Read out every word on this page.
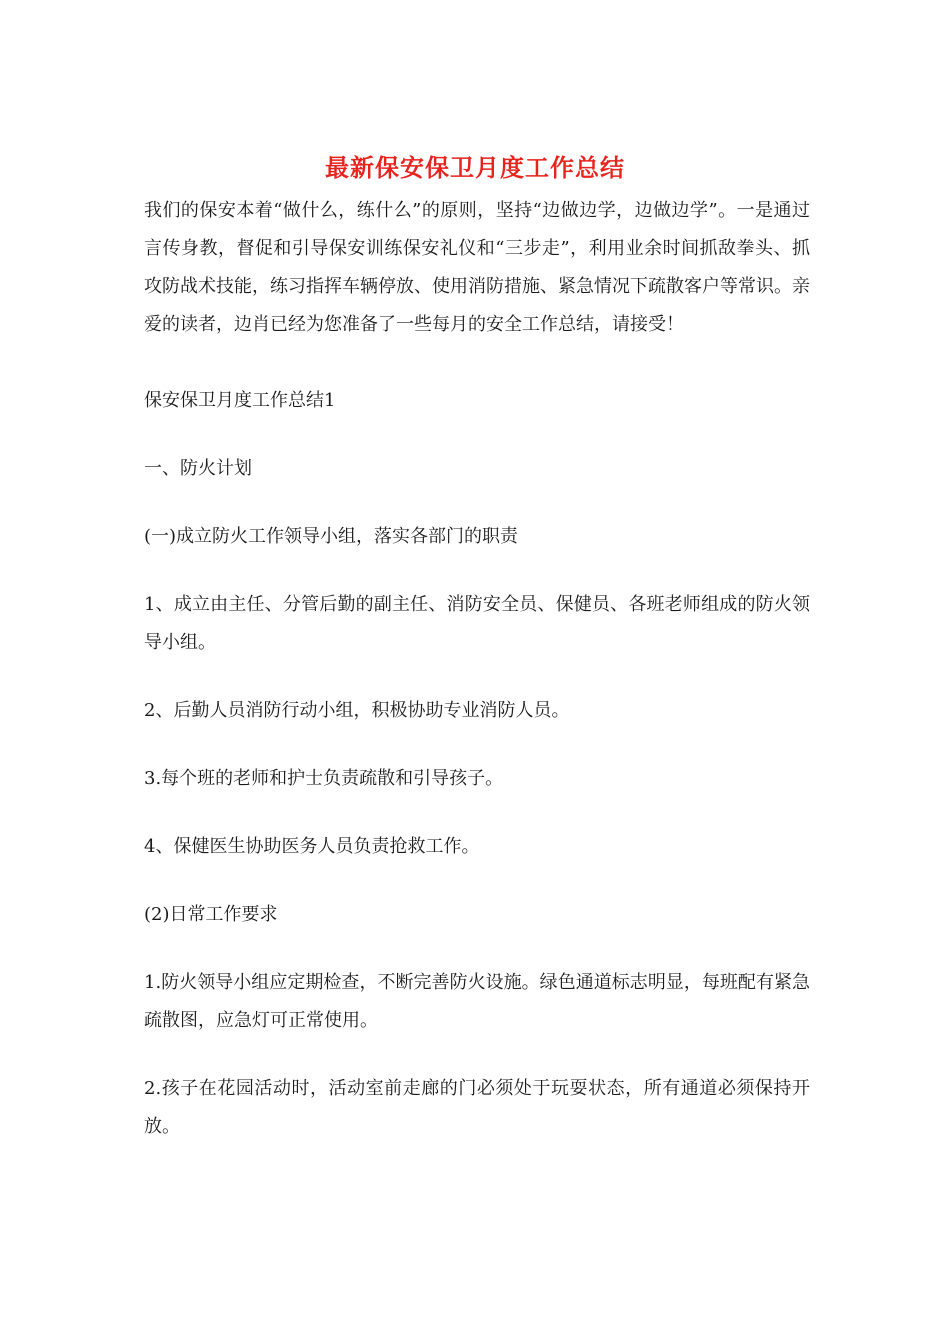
最新保安保卫月度工作总结

我们的保安本着“做什么，练什么”的原则，坚持“边做边学，边做边学”。一是通过言传身教，督促和引导保安训练保安礼仪和“三步走”，利用业余时间抓敌拳头、抓攻防战术技能，练习指挥车辆停放、使用消防措施、紧急情况下疏散客户等常识。亲爱的读者，边肖已经为您准备了一些每月的安全工作总结，请接受！

保安保卫月度工作总结1

一、防火计划

(一)成立防火工作领导小组，落实各部门的职责

1、成立由主任、分管后勤的副主任、消防安全员、保健员、各班老师组成的防火领导小组。

2、后勤人员消防行动小组，积极协助专业消防人员。

3.每个班的老师和护士负责疏散和引导孩子。

4、保健医生协助医务人员负责抢救工作。

(2)日常工作要求

1.防火领导小组应定期检查，不断完善防火设施。绿色通道标志明显，每班配有紧急疏散图，应急灯可正常使用。

2.孩子在花园活动时，活动室前走廊的门必须处于玩耍状态，所有通道必须保持开放。
